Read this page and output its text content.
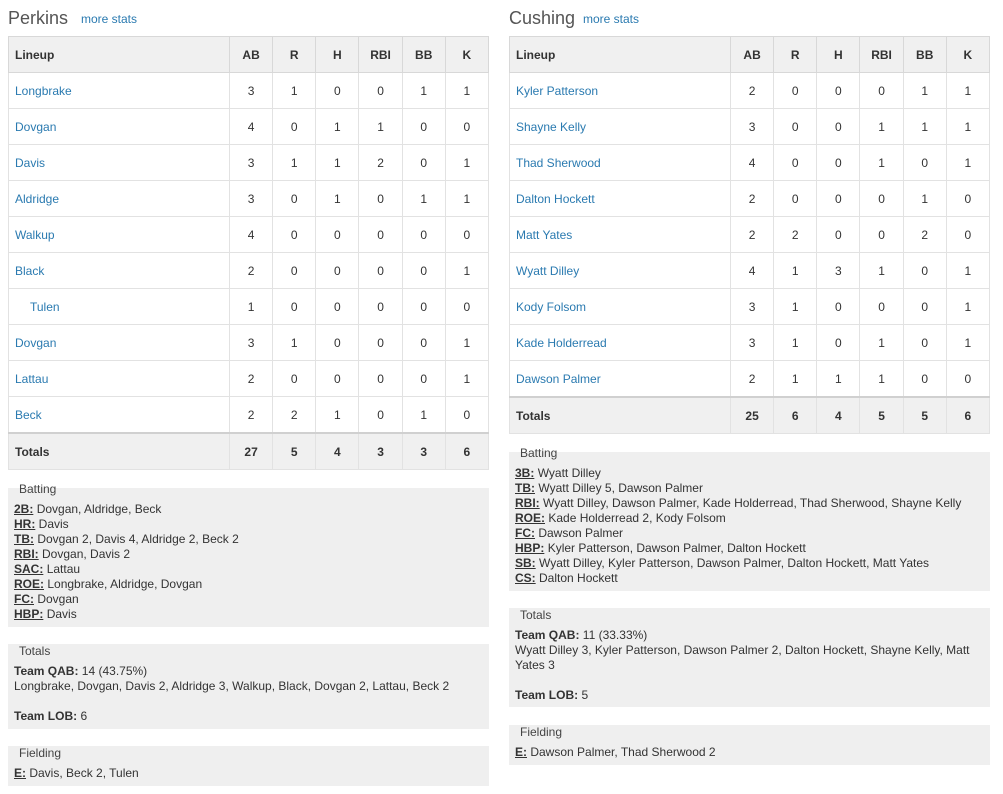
Perkins more stats
Lineup	AB	R	H	RBI	BB	K
Longbrake	3	1	0	0	1	1
Dovgan	4	0	1	1	0	0
Davis	3	1	1	2	0	1
Aldridge	3	0	1	0	1	1
Walkup	4	0	0	0	0	0
Black	2	0	0	0	0	1
Tulen	1	0	0	0	0	0
Dovgan	3	1	0	0	0	1
Lattau	2	0	0	0	0	1
Beck	2	2	1	0	1	0
Totals	27	5	4	3	3	6
Batting
2B: Dovgan, Aldridge, Beck
HR: Davis
TB: Dovgan 2, Davis 4, Aldridge 2, Beck 2
RBI: Dovgan, Davis 2
SAC: Lattau
ROE: Longbrake, Aldridge, Dovgan
FC: Dovgan
HBP: Davis
Totals
Team QAB: 14 (43.75%)
Longbrake, Dovgan, Davis 2, Aldridge 3, Walkup, Black, Dovgan 2, Lattau, Beck 2
Team LOB: 6
Fielding
E: Davis, Beck 2, Tulen
Cushing more stats
Lineup	AB	R	H	RBI	BB	K
Kyler Patterson	2	0	0	0	1	1
Shayne Kelly	3	0	0	1	1	1
Thad Sherwood	4	0	0	1	0	1
Dalton Hockett	2	0	0	0	1	0
Matt Yates	2	2	0	0	2	0
Wyatt Dilley	4	1	3	1	0	1
Kody Folsom	3	1	0	0	0	1
Kade Holderread	3	1	0	1	0	1
Dawson Palmer	2	1	1	1	0	0
Totals	25	6	4	5	5	6
Batting
3B: Wyatt Dilley
TB: Wyatt Dilley 5, Dawson Palmer
RBI: Wyatt Dilley, Dawson Palmer, Kade Holderread, Thad Sherwood, Shayne Kelly
ROE: Kade Holderread 2, Kody Folsom
FC: Dawson Palmer
HBP: Kyler Patterson, Dawson Palmer, Dalton Hockett
SB: Wyatt Dilley, Kyler Patterson, Dawson Palmer, Dalton Hockett, Matt Yates
CS: Dalton Hockett
Totals
Team QAB: 11 (33.33%)
Wyatt Dilley 3, Kyler Patterson, Dawson Palmer 2, Dalton Hockett, Shayne Kelly, Matt Yates 3
Team LOB: 5
Fielding
E: Dawson Palmer, Thad Sherwood 2
